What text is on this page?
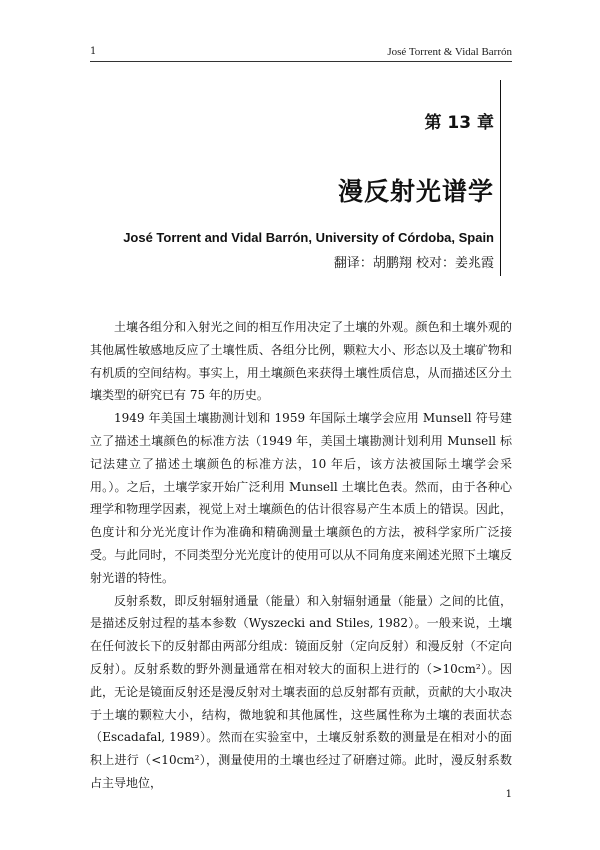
1	José Torrent & Vidal Barrón
第 13 章
漫反射光谱学
José Torrent and Vidal Barrón, University of Córdoba, Spain
翻译：胡鹏翔 校对：姜兆霞

土壤各组分和入射光之间的相互作用决定了土壤的外观。颜色和土壤外观的其他属性敏感地反应了土壤性质、各组分比例，颗粒大小、形态以及土壤矿物和有机质的空间结构。事实上，用土壤颜色来获得土壤性质信息，从而描述区分土壤类型的研究已有 75 年的历史。

1949 年美国土壤勘测计划和 1959 年国际土壤学会应用 Munsell 符号建立了描述土壤颜色的标准方法（1949 年，美国土壤勘测计划利用 Munsell 标记法建立了描述土壤颜色的标准方法，10 年后，该方法被国际土壤学会采用。）。之后，土壤学家开始广泛利用 Munsell 土壤比色表。然而，由于各种心理学和物理学因素，视觉上对土壤颜色的估计很容易产生本质上的错误。因此，色度计和分光光度计作为准确和精确测量土壤颜色的方法，被科学家所广泛接受。与此同时，不同类型分光光度计的使用可以从不同角度来阐述光照下土壤反射光谱的特性。

反射系数，即反射辐射通量（能量）和入射辐射通量（能量）之间的比值，是描述反射过程的基本参数（Wyszecki and Stiles, 1982）。一般来说，土壤在任何波长下的反射都由两部分组成：镜面反射（定向反射）和漫反射（不定向反射）。反射系数的野外测量通常在相对较大的面积上进行的（>10cm²）。因此，无论是镜面反射还是漫反射对土壤表面的总反射都有贡献，贡献的大小取决于土壤的颗粒大小，结构，微地貌和其他属性，这些属性称为土壤的表面状态（Escadafal, 1989）。然而在实验室中，土壤反射系数的测量是在相对小的面积上进行（<10cm²），测量使用的土壤也经过了研磨过筛。此时，漫反射系数占主导地位，

1
